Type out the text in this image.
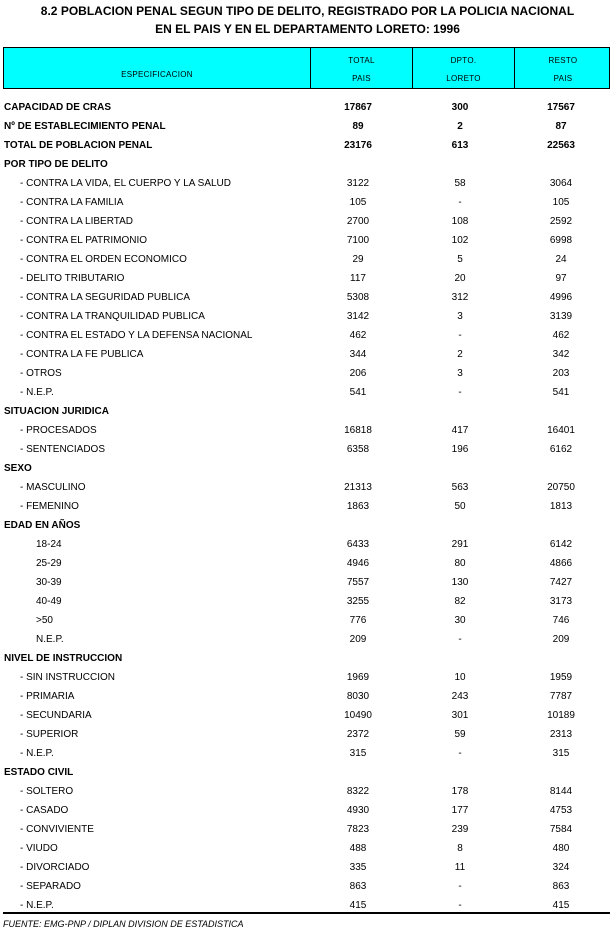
8.2 POBLACION PENAL SEGUN TIPO DE DELITO, REGISTRADO POR LA POLICIA NACIONAL
EN EL PAIS Y EN EL DEPARTAMENTO LORETO: 1996
ESPECIFICACION
TOTAL
PAIS
DPTO.
LORETO
RESTO
PAIS
CAPACIDAD DE CRAS	17867	300	17567
Nº DE ESTABLECIMIENTO PENAL	89	2	87
TOTAL DE POBLACION PENAL	23176	613	22563
POR TIPO DE DELITO
- CONTRA LA VIDA, EL CUERPO Y LA SALUD	3122	58	3064
- CONTRA LA FAMILIA	105	-	105
- CONTRA LA LIBERTAD	2700	108	2592
- CONTRA EL PATRIMONIO	7100	102	6998
- CONTRA EL ORDEN ECONOMICO	29	5	24
- DELITO TRIBUTARIO	117	20	97
- CONTRA LA SEGURIDAD PUBLICA	5308	312	4996
- CONTRA LA TRANQUILIDAD PUBLICA	3142	3	3139
- CONTRA EL ESTADO Y LA DEFENSA NACIONAL	462	-	462
- CONTRA LA FE PUBLICA	344	2	342
- OTROS	206	3	203
- N.E.P.	541	-	541
SITUACION JURIDICA
- PROCESADOS	16818	417	16401
- SENTENCIADOS	6358	196	6162
SEXO
- MASCULINO	21313	563	20750
- FEMENINO	1863	50	1813
EDAD EN AÑOS
18-24	6433	291	6142
25-29	4946	80	4866
30-39	7557	130	7427
40-49	3255	82	3173
>50	776	30	746
N.E.P.	209	-	209
NIVEL DE INSTRUCCION
- SIN INSTRUCCION	1969	10	1959
- PRIMARIA	8030	243	7787
- SECUNDARIA	10490	301	10189
- SUPERIOR	2372	59	2313
- N.E.P.	315	-	315
ESTADO CIVIL
- SOLTERO	8322	178	8144
- CASADO	4930	177	4753
- CONVIVIENTE	7823	239	7584
- VIUDO	488	8	480
- DIVORCIADO	335	11	324
- SEPARADO	863	-	863
- N.E.P.	415	-	415
FUENTE: EMG-PNP / DIPLAN DIVISION DE ESTADISTICA
